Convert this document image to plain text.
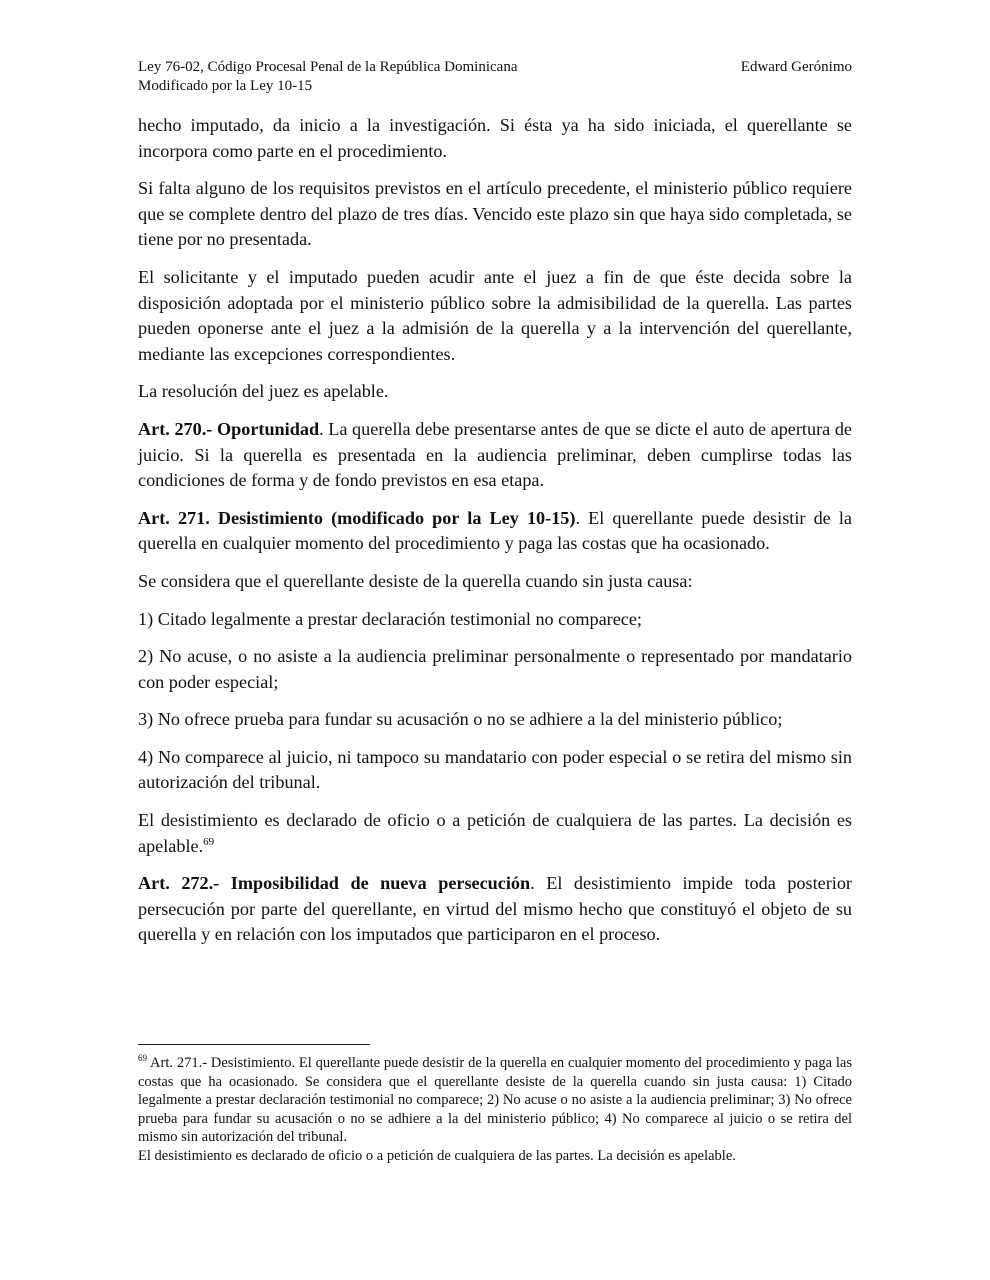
Ley 76-02, Código Procesal Penal de la República Dominicana
Modificado por la Ley 10-15
Edward Gerónimo

hecho imputado, da inicio a la investigación. Si ésta ya ha sido iniciada, el querellante se incorpora como parte en el procedimiento.

Si falta alguno de los requisitos previstos en el artículo precedente, el ministerio público requiere que se complete dentro del plazo de tres días. Vencido este plazo sin que haya sido completada, se tiene por no presentada.

El solicitante y el imputado pueden acudir ante el juez a fin de que éste decida sobre la disposición adoptada por el ministerio público sobre la admisibilidad de la querella. Las partes pueden oponerse ante el juez a la admisión de la querella y a la intervención del querellante, mediante las excepciones correspondientes.

La resolución del juez es apelable.

Art. 270.- Oportunidad. La querella debe presentarse antes de que se dicte el auto de apertura de juicio. Si la querella es presentada en la audiencia preliminar, deben cumplirse todas las condiciones de forma y de fondo previstos en esa etapa.

Art. 271. Desistimiento (modificado por la Ley 10-15). El querellante puede desistir de la querella en cualquier momento del procedimiento y paga las costas que ha ocasionado.

Se considera que el querellante desiste de la querella cuando sin justa causa:

1) Citado legalmente a prestar declaración testimonial no comparece;

2) No acuse, o no asiste a la audiencia preliminar personalmente o representado por mandatario con poder especial;

3) No ofrece prueba para fundar su acusación o no se adhiere a la del ministerio público;

4) No comparece al juicio, ni tampoco su mandatario con poder especial o se retira del mismo sin autorización del tribunal.

El desistimiento es declarado de oficio o a petición de cualquiera de las partes. La decisión es apelable.$^{69}$

Art. 272.- Imposibilidad de nueva persecución. El desistimiento impide toda posterior persecución por parte del querellante, en virtud del mismo hecho que constituyó el objeto de su querella y en relación con los imputados que participaron en el proceso.

$^{69}$ Art. 271.- Desistimiento. El querellante puede desistir de la querella en cualquier momento del procedimiento y paga las costas que ha ocasionado. Se considera que el querellante desiste de la querella cuando sin justa causa: 1) Citado legalmente a prestar declaración testimonial no comparece; 2) No acuse o no asiste a la audiencia preliminar; 3) No ofrece prueba para fundar su acusación o no se adhiere a la del ministerio público; 4) No comparece al juicio o se retira del mismo sin autorización del tribunal.

El desistimiento es declarado de oficio o a petición de cualquiera de las partes. La decisión es apelable.
